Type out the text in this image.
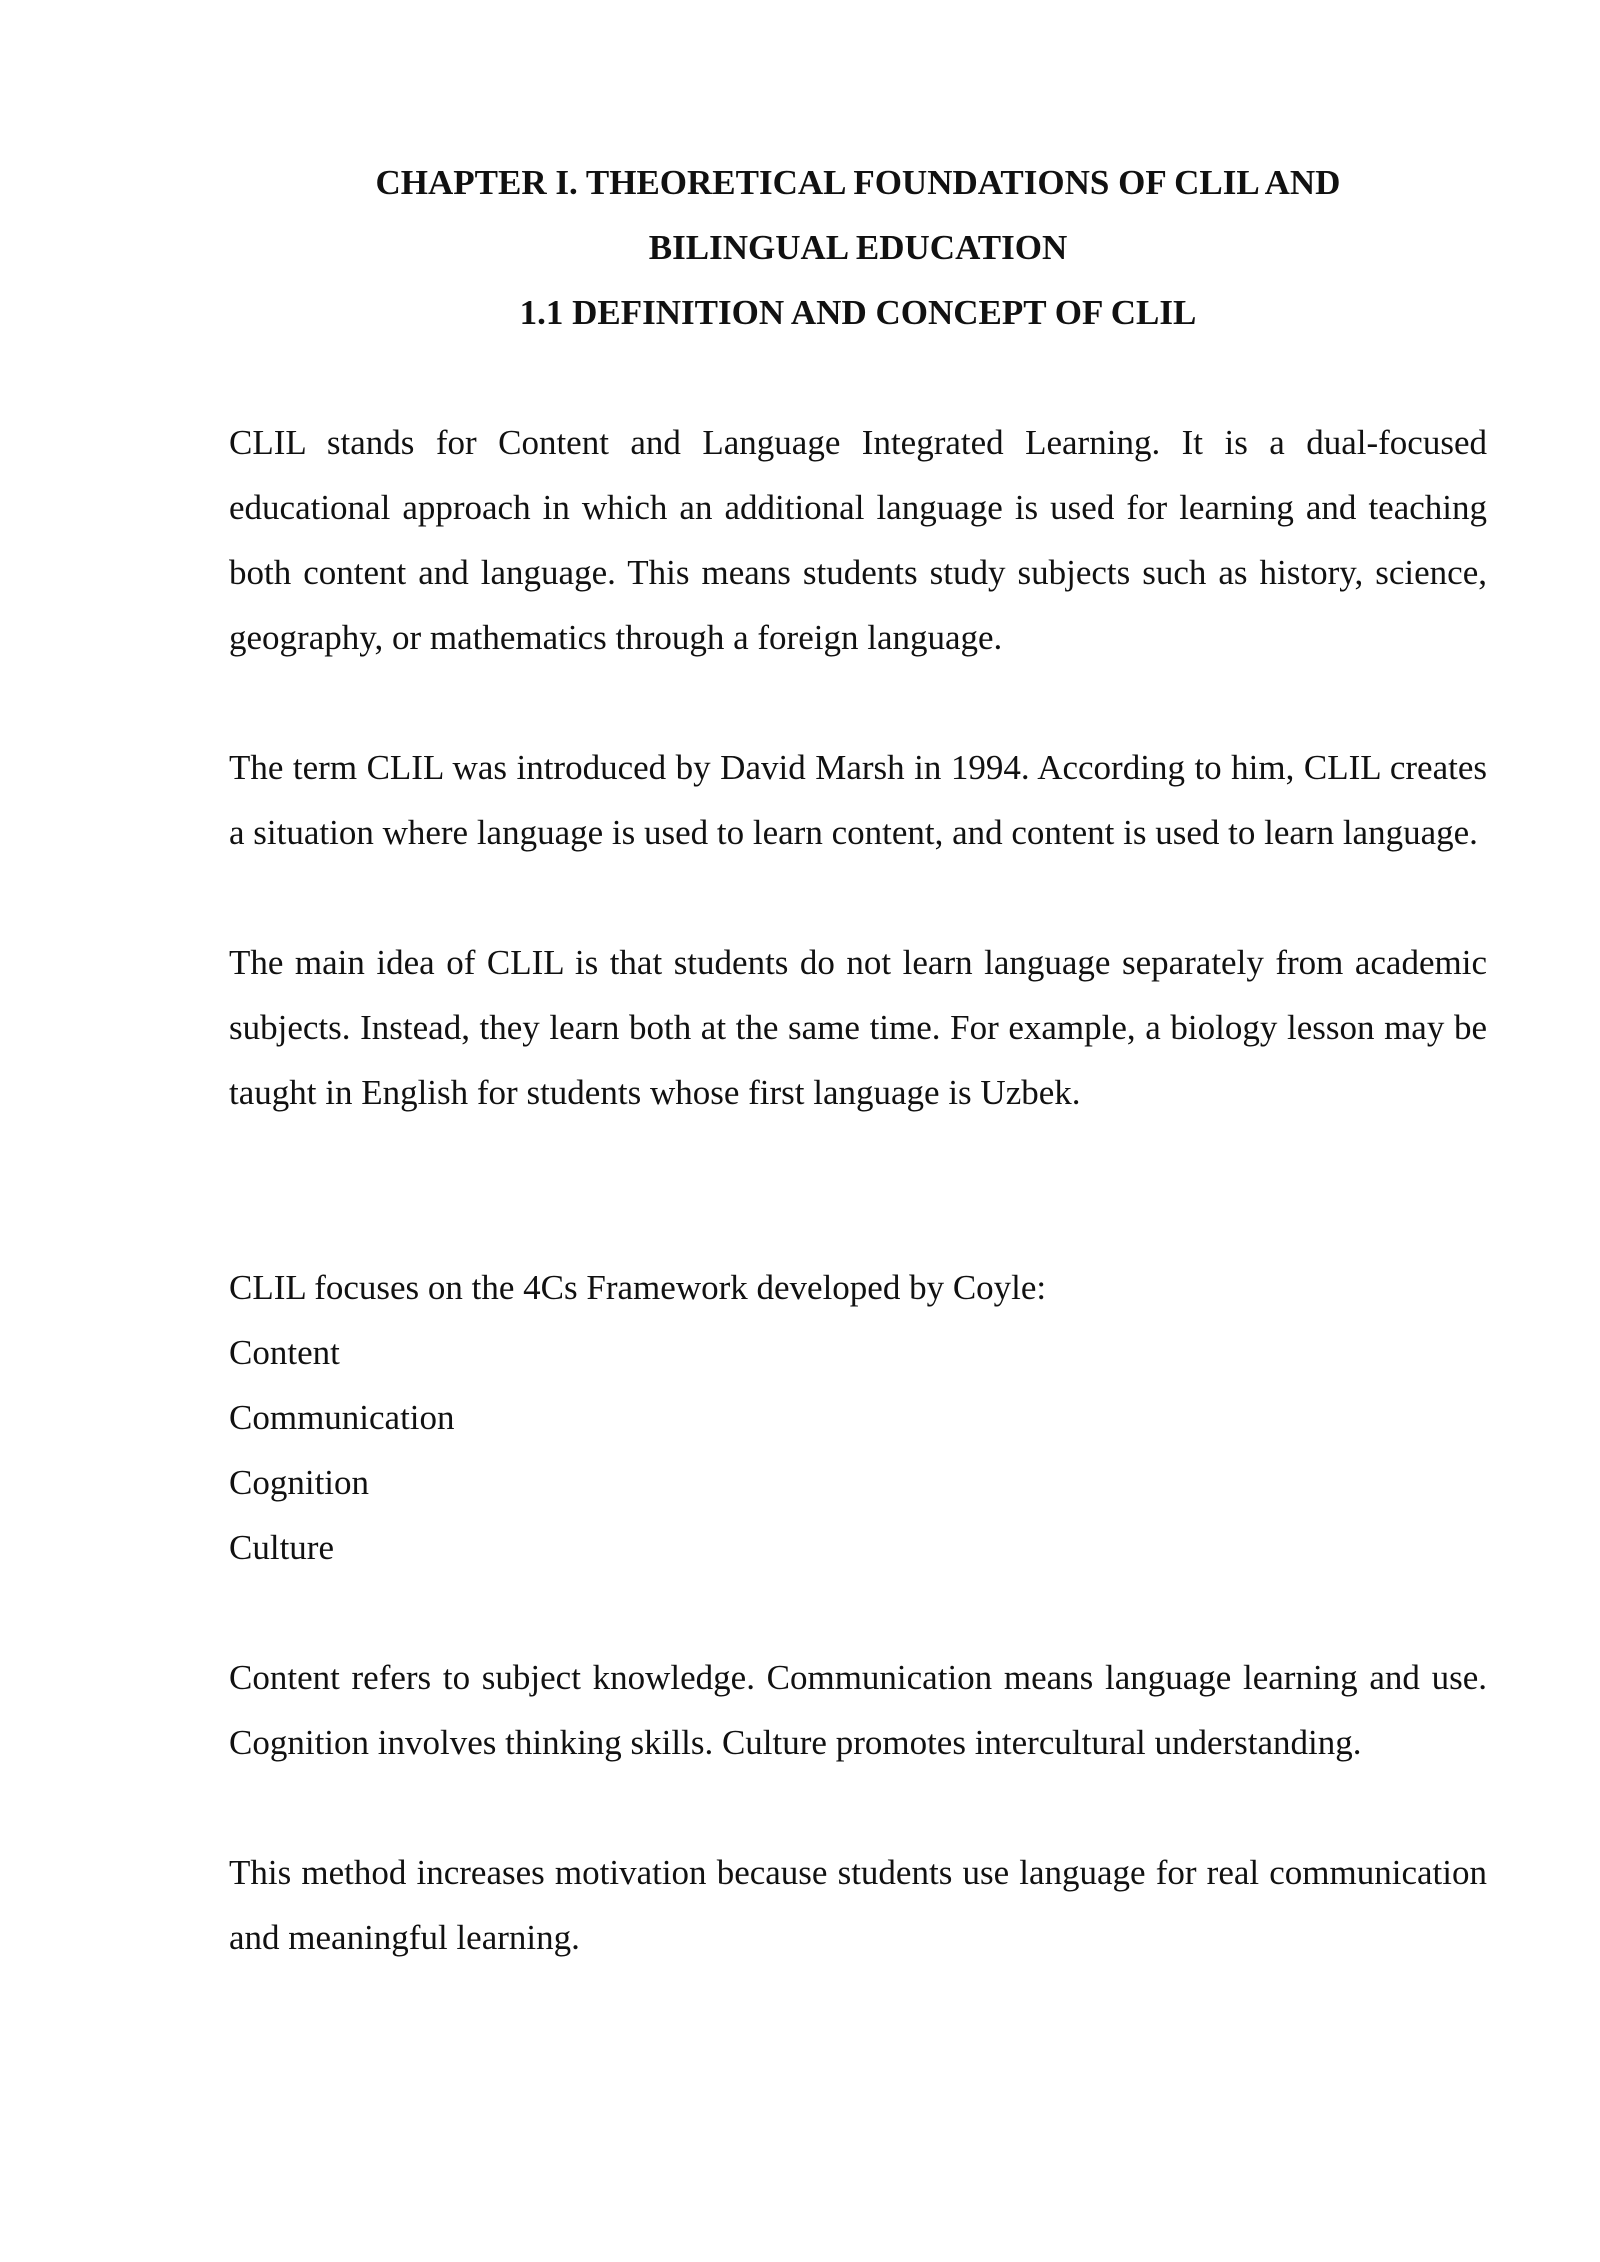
CHAPTER I. THEORETICAL FOUNDATIONS OF CLIL AND
BILINGUAL EDUCATION
1.1 DEFINITION AND CONCEPT OF CLIL

CLIL stands for Content and Language Integrated Learning. It is a dual-focused educational approach in which an additional language is used for learning and teaching both content and language. This means students study subjects such as history, science, geography, or mathematics through a foreign language.

The term CLIL was introduced by David Marsh in 1994. According to him, CLIL creates a situation where language is used to learn content, and content is used to learn language.

The main idea of CLIL is that students do not learn language separately from academic subjects. Instead, they learn both at the same time. For example, a biology lesson may be taught in English for students whose first language is Uzbek.

CLIL focuses on the 4Cs Framework developed by Coyle:

Content
Communication
Cognition
Culture

Content refers to subject knowledge. Communication means language learning and use. Cognition involves thinking skills. Culture promotes intercultural understanding.

This method increases motivation because students use language for real communication and meaningful learning.
